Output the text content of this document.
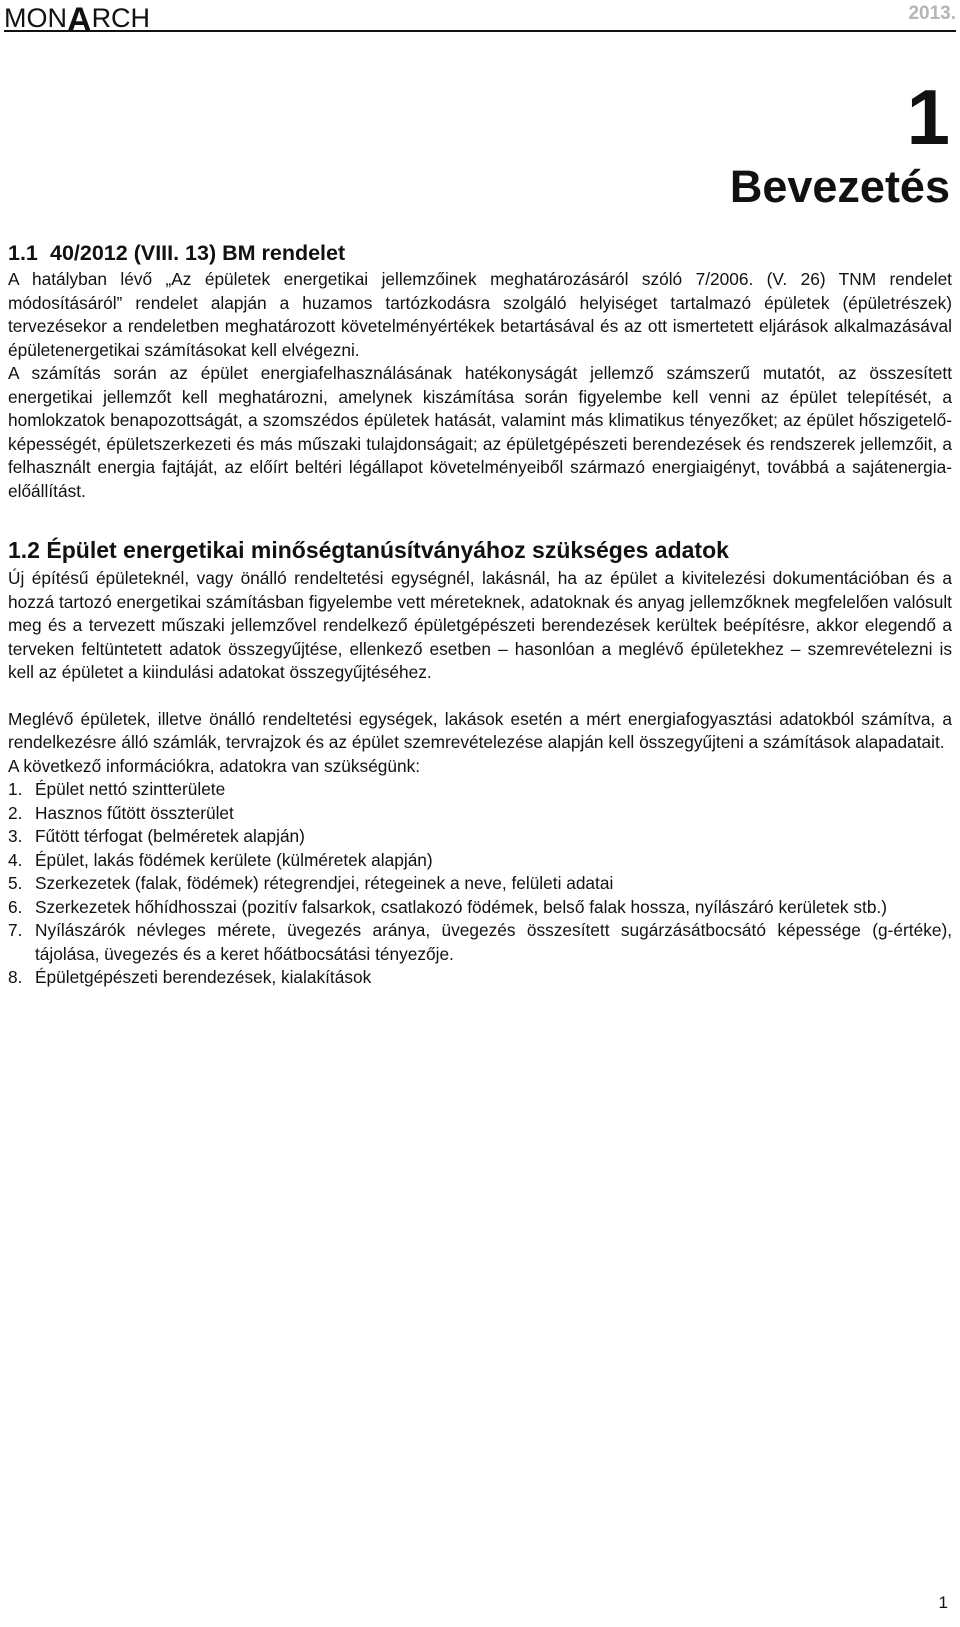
MONARCH	2013.
1
Bevezetés
1.1 40/2012 (VIII. 13) BM rendelet

A hatályban lévő „Az épületek energetikai jellemzőinek meghatározásáról szóló 7/2006. (V. 26) TNM rendelet módosításáról” rendelet alapján a huzamos tartózkodásra szolgáló helyiséget tartalmazó épületek (épületrészek) tervezésekor a rendeletben meghatározott követelményértékek betartásával és az ott ismertetett eljárások alkalmazásával épületenergetikai számításokat kell elvégezni.

A számítás során az épület energiafelhasználásának hatékonyságát jellemző számszerű mutatót, az összesített energetikai jellemzőt kell meghatározni, amelynek kiszámítása során figyelembe kell venni az épület telepítését, a homlokzatok benapozottságát, a szomszédos épületek hatását, valamint más klimatikus tényezőket; az épület hőszigetelő-képességét, épületszerkezeti és más műszaki tulajdonságait; az épületgépészeti berendezések és rendszerek jellemzőit, a felhasznált energia fajtáját, az előírt beltéri légállapot követelményeiből származó energiaigényt, továbbá a sajátenergia-előállítást.

1.2 Épület energetikai minőségtanúsítványához szükséges adatok

Új építésű épületeknél, vagy önálló rendeltetési egységnél, lakásnál, ha az épület a kivitelezési dokumentációban és a hozzá tartozó energetikai számításban figyelembe vett méreteknek, adatoknak és anyag jellemzőknek megfelelően valósult meg és a tervezett műszaki jellemzővel rendelkező épületgépészeti berendezések kerültek beépítésre, akkor elegendő a terveken feltüntetett adatok összegyűjtése, ellenkező esetben – hasonlóan a meglévő épületekhez – szemrevételezni is kell az épületet a kiindulási adatokat összegyűjtéséhez.

Meglévő épületek, illetve önálló rendeltetési egységek, lakások esetén a mért energiafogyasztási adatokból számítva, a rendelkezésre álló számlák, tervrajzok és az épület szemrevételezése alapján kell összegyűjteni a számítások alapadatait.

A következő információkra, adatokra van szükségünk:

1. Épület nettó szintterülete
2. Hasznos fűtött összterület
3. Fűtött térfogat (belméretek alapján)
4. Épület, lakás födémek kerülete (külméretek alapján)
5. Szerkezetek (falak, födémek) rétegrendjei, rétegeinek a neve, felületi adatai
6. Szerkezetek hőhídhosszai (pozitív falsarkok, csatlakozó födémek, belső falak hossza, nyílászáró kerületek stb.)
7. Nyílászárók névleges mérete, üvegezés aránya, üvegezés összesített sugárzásátbocsátó képessége (g-értéke), tájolása, üvegezés és a keret hőátbocsátási tényezője.
8. Épületgépészeti berendezések, kialakítások
1
